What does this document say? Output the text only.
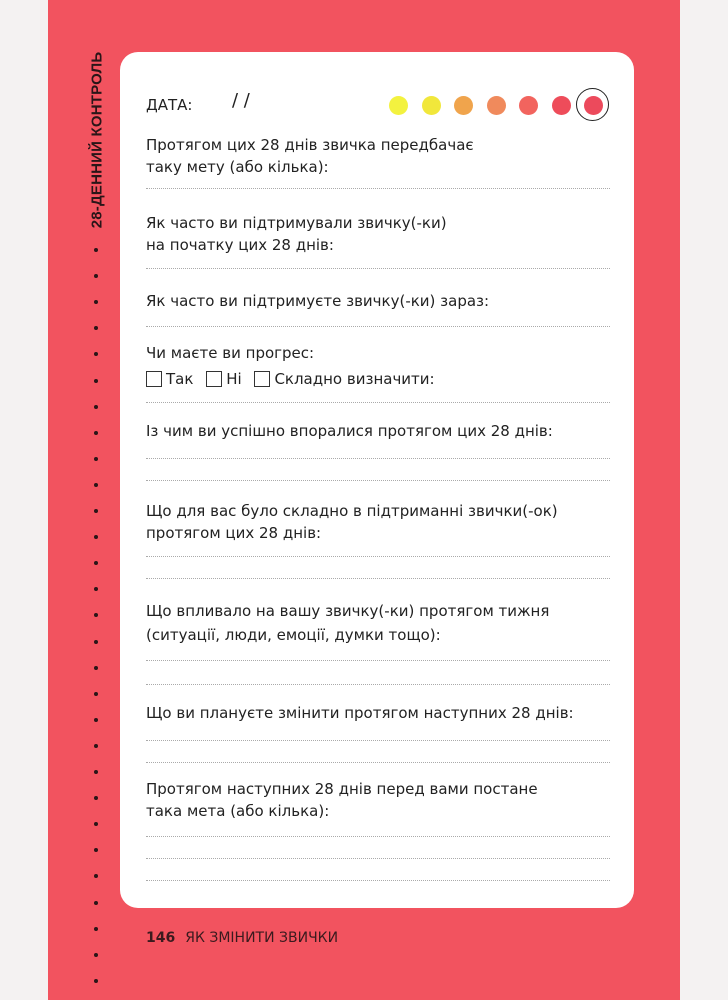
28-ДЕННИЙ КОНТРОЛЬ	ДАТА: / /
Протягом цих 28 днів звичка передбачає
таку мету (або кілька):
Як часто ви підтримували звичку(-ки)
на початку цих 28 днів:
Як часто ви підтримуєте звичку(-ки) зараз:
Чи маєте ви прогрес:
Так Ні Складно визначити:
Із чим ви успішно впоралися протягом цих 28 днів:
Що для вас було складно в підтриманні звички(-ок)
протягом цих 28 днів:
Що впливало на вашу звичку(-ки) протягом тижня
(ситуації, люди, емоції, думки тощо):
Що ви плануєте змінити протягом наступних 28 днів:
Протягом наступних 28 днів перед вами постане
така мета (або кілька):
146 ЯК ЗМІНИТИ ЗВИЧКИ
